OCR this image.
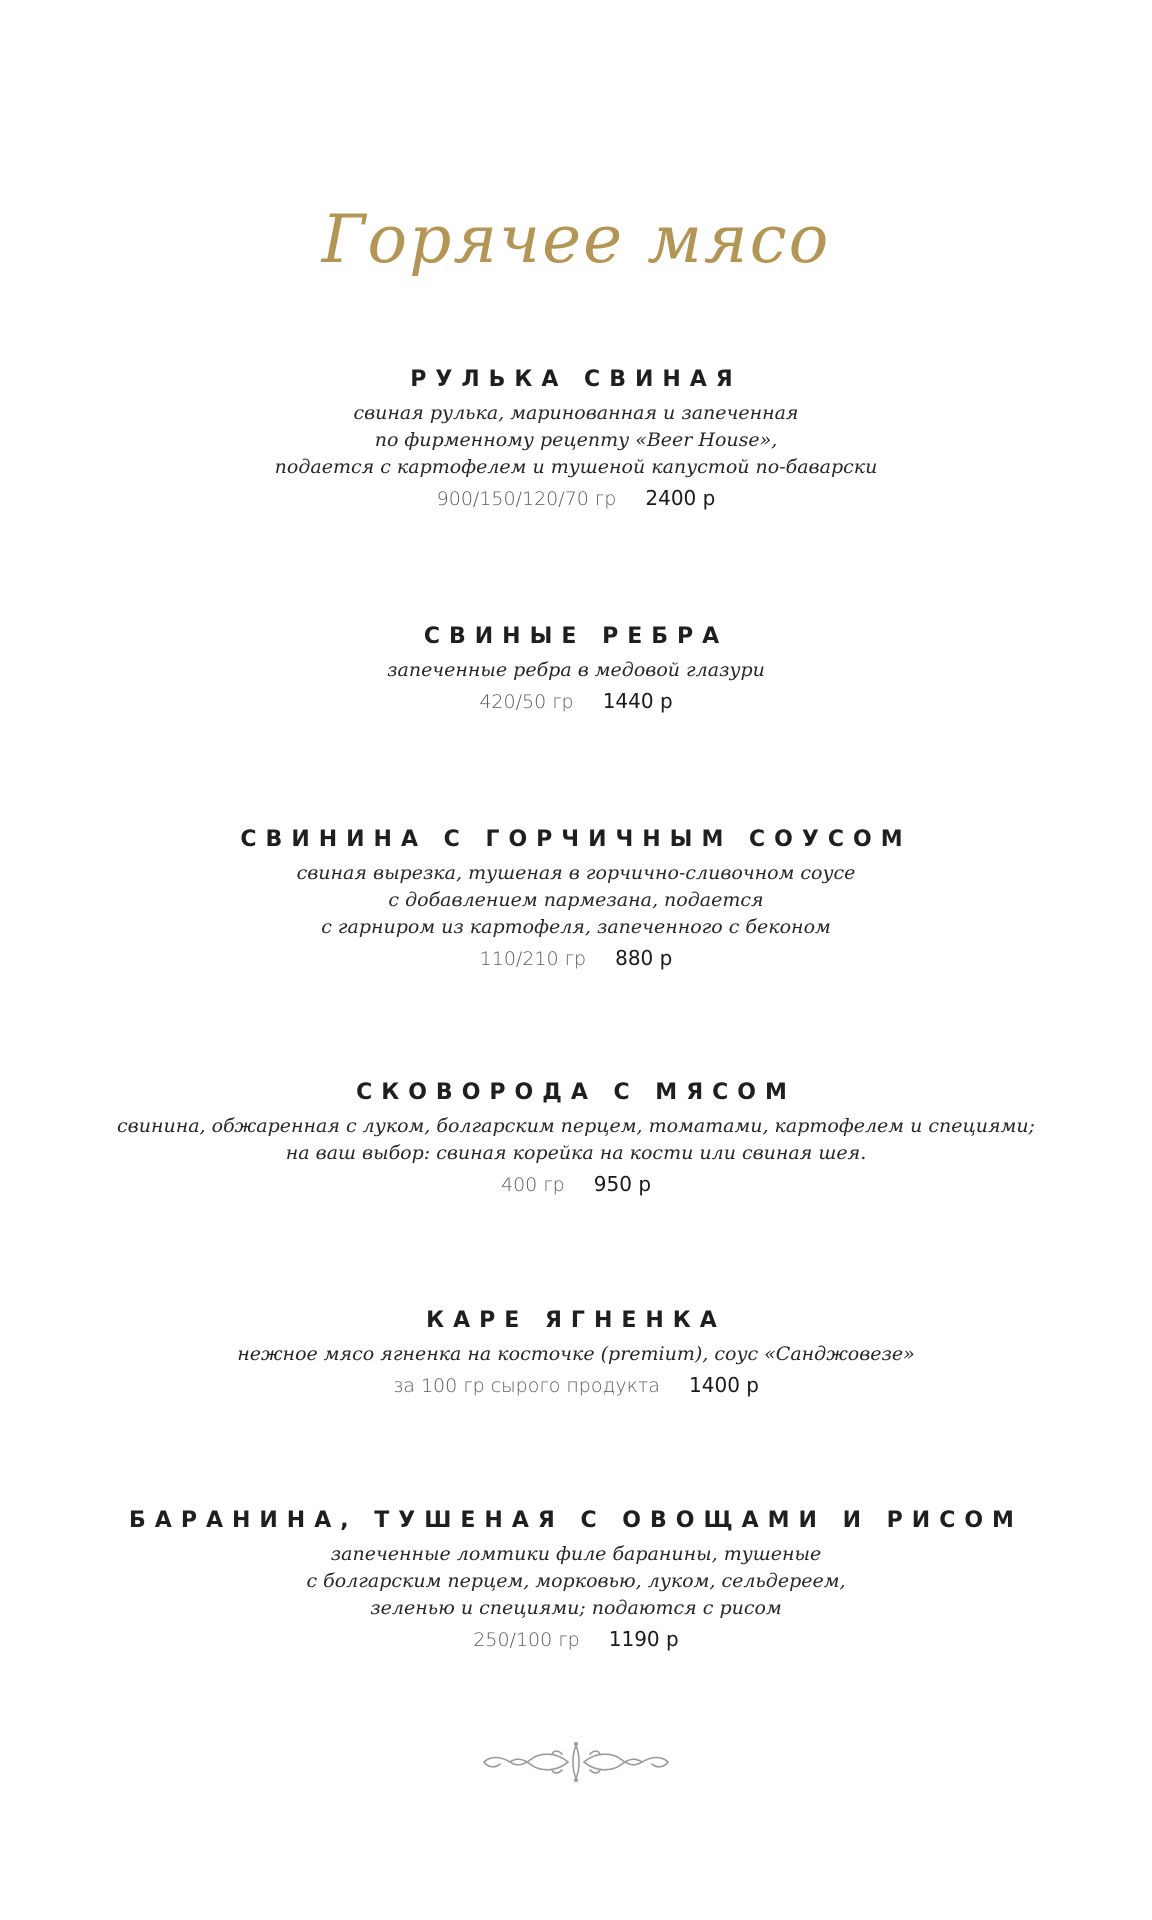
Горячее мясо
РУЛЬКА СВИНАЯ
свиная рулька, маринованная и запеченная
по фирменному рецепту «Beer House»,
подается с картофелем и тушеной капустой по-баварски
900/150/120/70 гр 2400 р
СВИНЫЕ РЕБРА
запеченные ребра в медовой глазури
420/50 гр 1440 р
СВИНИНА С ГОРЧИЧНЫМ СОУСОМ
свиная вырезка, тушеная в горчично-сливочном соусе
с добавлением пармезана, подается
с гарниром из картофеля, запеченного с беконом
110/210 гр 880 р
СКОВОРОДА С МЯСОМ
свинина, обжаренная с луком, болгарским перцем, томатами, картофелем и специями;
на ваш выбор: свиная корейка на кости или свиная шея.
400 гр 950 р
КАРЕ ЯГНЕНКА
нежное мясо ягненка на косточке (premium), соус «Санджовезе»
за 100 гр сырого продукта 1400 р
БАРАНИНА, ТУШЕНАЯ С ОВОЩАМИ И РИСОМ
запеченные ломтики филе баранины, тушеные
с болгарским перцем, морковью, луком, сельдереем,
зеленью и специями; подаются с рисом
250/100 гр 1190 р
